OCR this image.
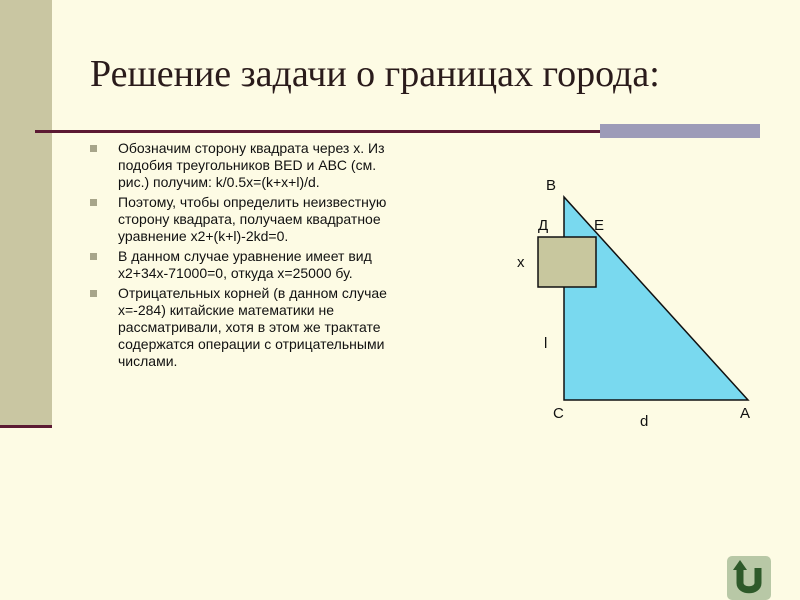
Решение задачи о границах города:
Обозначим сторону квадрата через x. Из подобия треугольников BED и ABC (см. рис.) получим: k/0.5x=(k+x+l)/d.
Поэтому, чтобы определить неизвестную сторону квадрата, получаем квадратное уравнение x2+(k+l)-2kd=0.
В данном случае уравнение имеет вид x2+34x-71000=0, откуда x=25000 бу.
Отрицательных корней (в данном случае x=-284) китайские математики не рассматривали, хотя в этом же трактате содержатся операции с отрицательными числами.
B
Д	E
x
l
C	A
d
